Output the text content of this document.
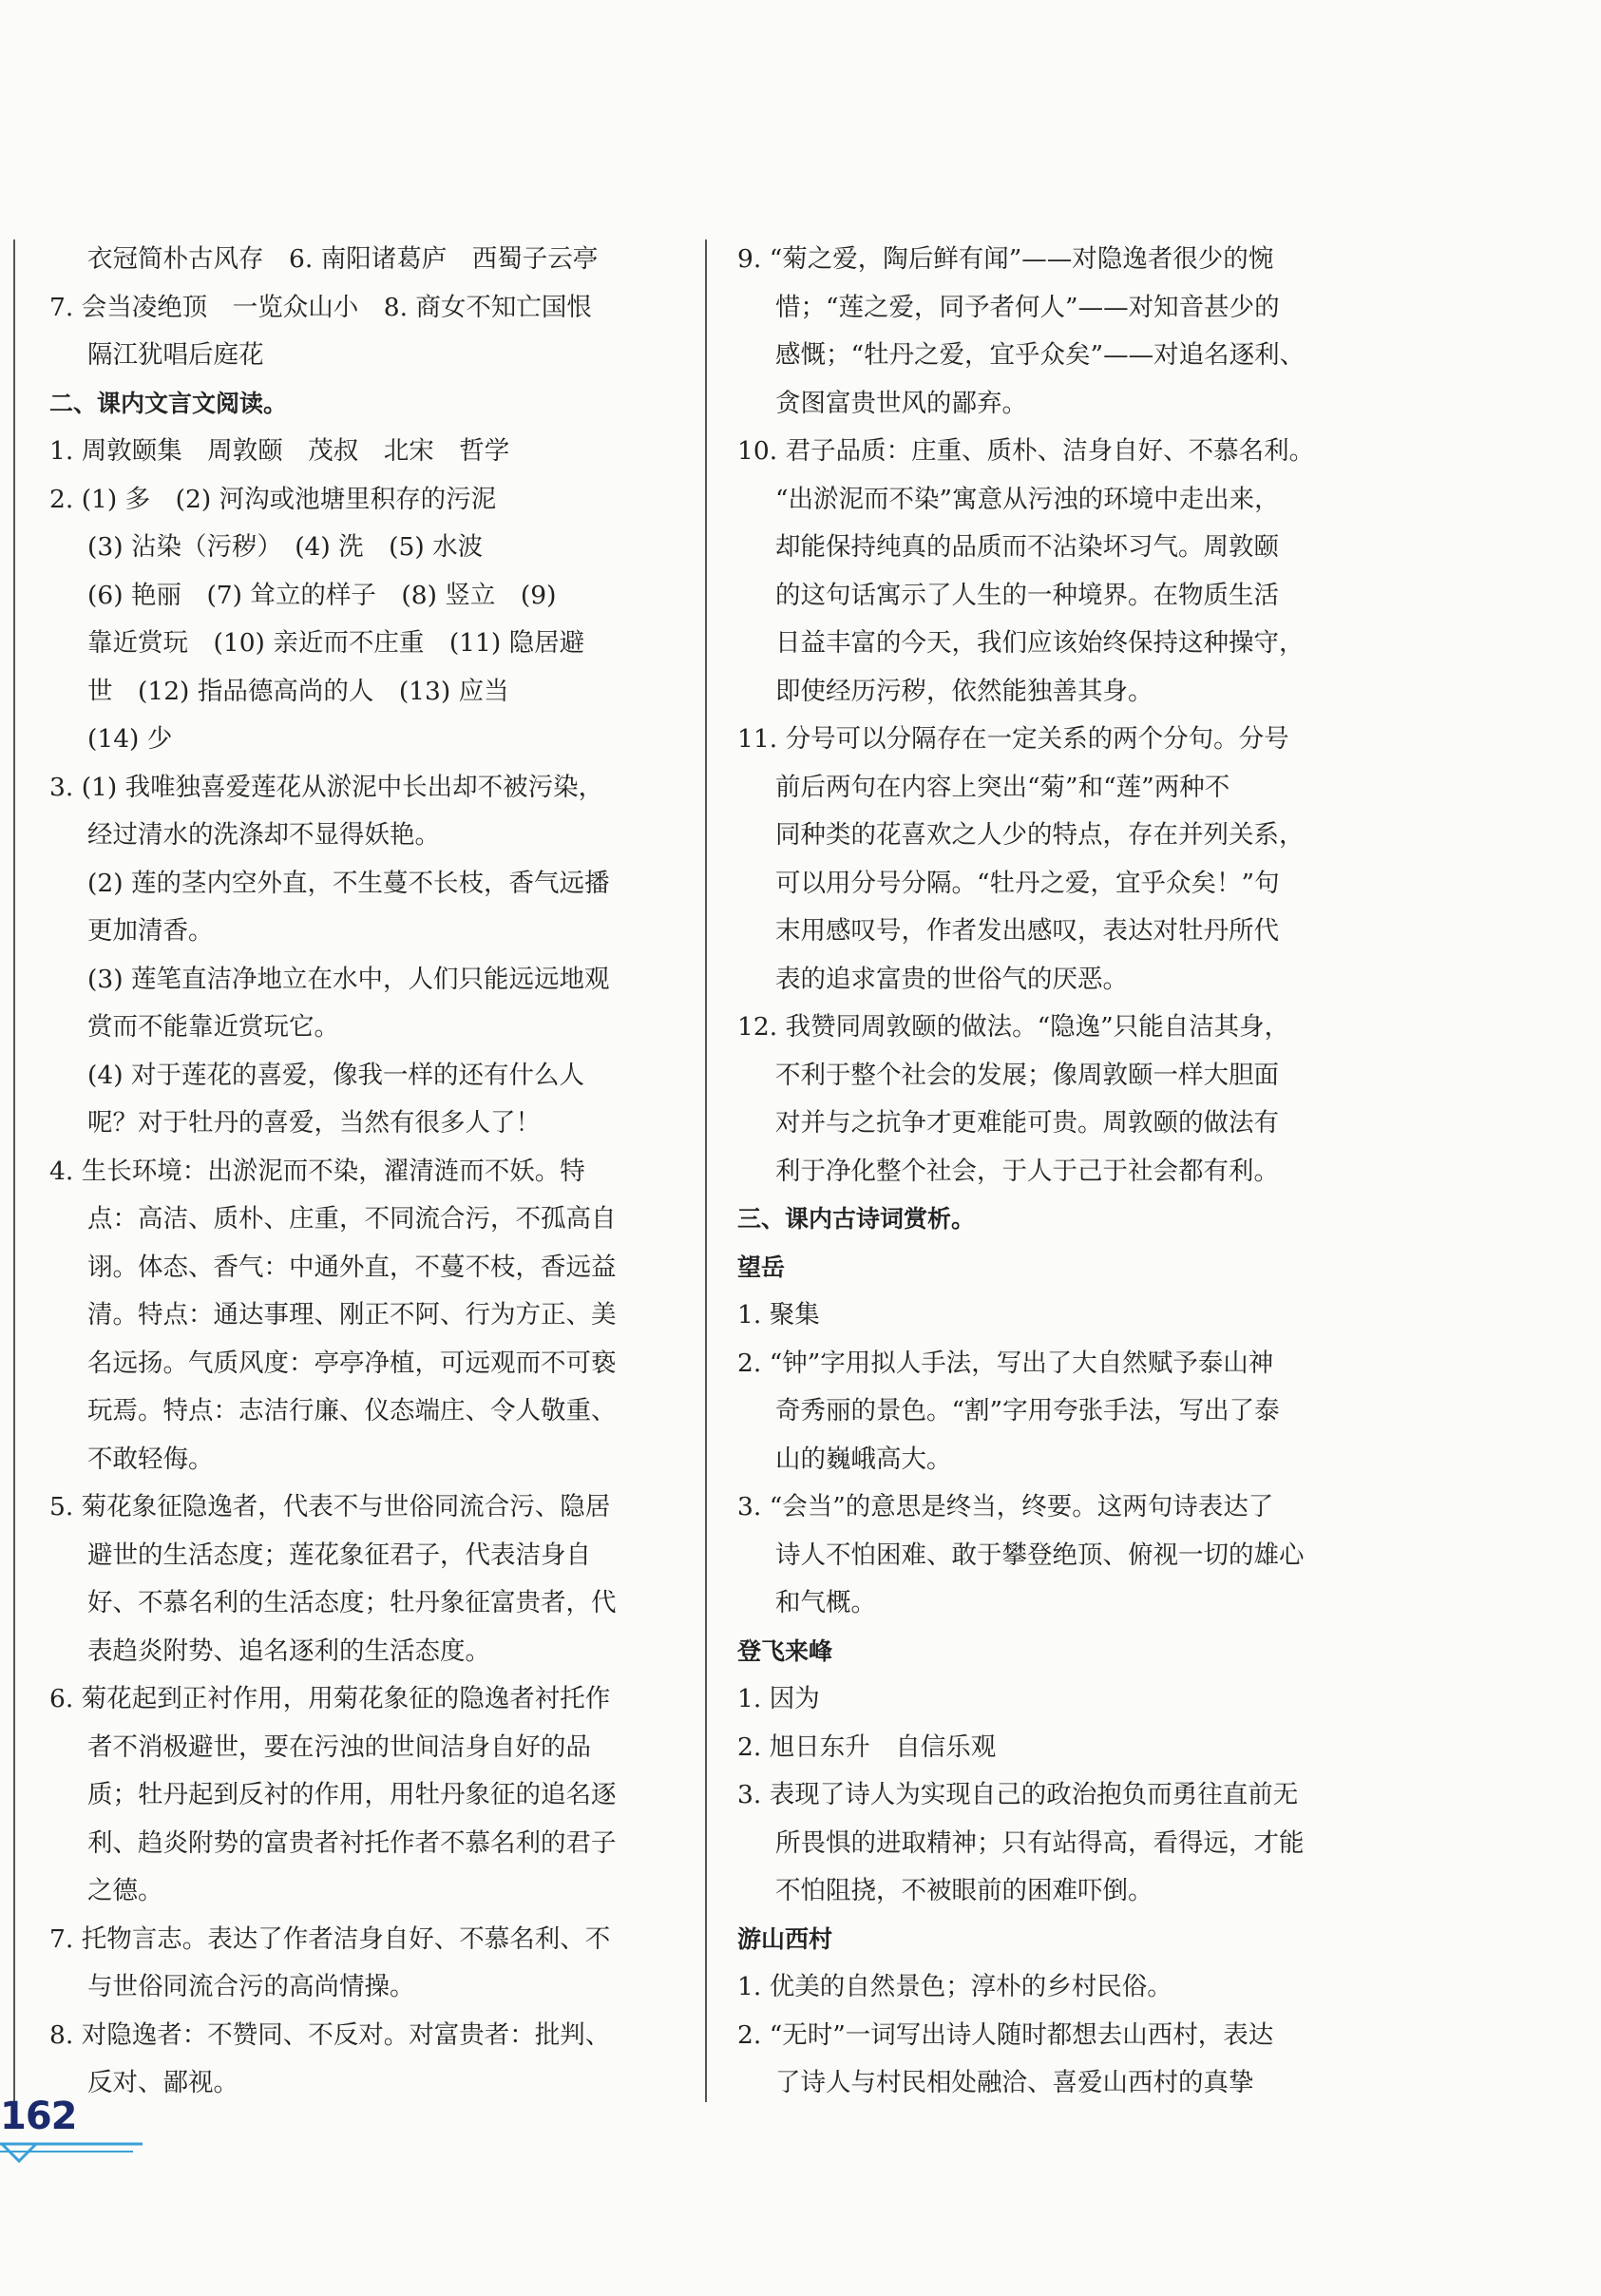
衣冠简朴古风存　6. 南阳诸葛庐　西蜀子云亭
7. 会当凌绝顶　一览众山小　8. 商女不知亡国恨
隔江犹唱后庭花
二、课内文言文阅读。
1. 周敦颐集　周敦颐　茂叔　北宋　哲学
2. (1) 多　(2) 河沟或池塘里积存的污泥
(3) 沾染（污秽）　(4) 洗　(5) 水波
(6) 艳丽　(7) 耸立的样子　(8) 竖立　(9)
靠近赏玩　(10) 亲近而不庄重　(11) 隐居避
世　(12) 指品德高尚的人　(13) 应当
(14) 少
3. (1) 我唯独喜爱莲花从淤泥中长出却不被污染，
经过清水的洗涤却不显得妖艳。
(2) 莲的茎内空外直，不生蔓不长枝，香气远播
更加清香。
(3) 莲笔直洁净地立在水中，人们只能远远地观
赏而不能靠近赏玩它。
(4) 对于莲花的喜爱，像我一样的还有什么人
呢？对于牡丹的喜爱，当然有很多人了！
4. 生长环境：出淤泥而不染，濯清涟而不妖。特
点：高洁、质朴、庄重，不同流合污，不孤高自
诩。体态、香气：中通外直，不蔓不枝，香远益
清。特点：通达事理、刚正不阿、行为方正、美
名远扬。气质风度：亭亭净植，可远观而不可亵
玩焉。特点：志洁行廉、仪态端庄、令人敬重、
不敢轻侮。
5. 菊花象征隐逸者，代表不与世俗同流合污、隐居
避世的生活态度；莲花象征君子，代表洁身自
好、不慕名利的生活态度；牡丹象征富贵者，代
表趋炎附势、追名逐利的生活态度。
6. 菊花起到正衬作用，用菊花象征的隐逸者衬托作
者不消极避世，要在污浊的世间洁身自好的品
质；牡丹起到反衬的作用，用牡丹象征的追名逐
利、趋炎附势的富贵者衬托作者不慕名利的君子
之德。
7. 托物言志。表达了作者洁身自好、不慕名利、不
与世俗同流合污的高尚情操。
8. 对隐逸者：不赞同、不反对。对富贵者：批判、
反对、鄙视。
9. “菊之爱，陶后鲜有闻”——对隐逸者很少的惋
惜；“莲之爱，同予者何人”——对知音甚少的
感慨；“牡丹之爱，宜乎众矣”——对追名逐利、
贪图富贵世风的鄙弃。
10. 君子品质：庄重、质朴、洁身自好、不慕名利。
“出淤泥而不染”寓意从污浊的环境中走出来，
却能保持纯真的品质而不沾染坏习气。周敦颐
的这句话寓示了人生的一种境界。在物质生活
日益丰富的今天，我们应该始终保持这种操守，
即使经历污秽，依然能独善其身。
11. 分号可以分隔存在一定关系的两个分句。分号
前后两句在内容上突出“菊”和“莲”两种不
同种类的花喜欢之人少的特点，存在并列关系，
可以用分号分隔。“牡丹之爱，宜乎众矣！”句
末用感叹号，作者发出感叹，表达对牡丹所代
表的追求富贵的世俗气的厌恶。
12. 我赞同周敦颐的做法。“隐逸”只能自洁其身，
不利于整个社会的发展；像周敦颐一样大胆面
对并与之抗争才更难能可贵。周敦颐的做法有
利于净化整个社会，于人于己于社会都有利。
三、课内古诗词赏析。
望岳
1. 聚集
2. “钟”字用拟人手法，写出了大自然赋予泰山神
奇秀丽的景色。“割”字用夸张手法，写出了泰
山的巍峨高大。
3. “会当”的意思是终当，终要。这两句诗表达了
诗人不怕困难、敢于攀登绝顶、俯视一切的雄心
和气概。
登飞来峰
1. 因为
2. 旭日东升　自信乐观
3. 表现了诗人为实现自己的政治抱负而勇往直前无
所畏惧的进取精神；只有站得高，看得远，才能
不怕阻挠，不被眼前的困难吓倒。
游山西村
1. 优美的自然景色；淳朴的乡村民俗。
2. “无时”一词写出诗人随时都想去山西村，表达
了诗人与村民相处融洽、喜爱山西村的真挚
162
